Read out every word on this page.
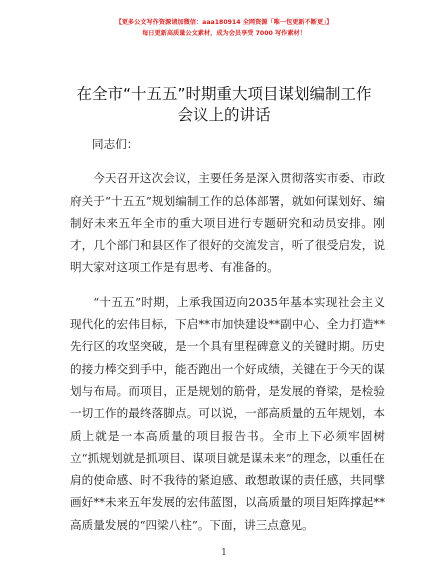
【更多公文写作资源请加微信：aaa180914 全网资源「唯一包更新不断更」】
每日更新高质量公文素材，成为会员享受 7000 写作素材！
在全市“十五五”时期重大项目谋划编制工作
会议上的讲话

同志们：

今天召开这次会议，主要任务是深入贯彻落实市委、市政府关于“十五五”规划编制工作的总体部署，就如何谋划好、编制好未来五年全市的重大项目进行专题研究和动员安排。刚才，几个部门和县区作了很好的交流发言，听了很受启发，说明大家对这项工作是有思考、有准备的。

“十五五”时期，上承我国迈向2035年基本实现社会主义现代化的宏伟目标，下启**市加快建设**副中心、全力打造**先行区的攻坚突破，是一个具有里程碑意义的关键时期。历史的接力棒交到手中，能否跑出一个好成绩，关键在于今天的谋划与布局。而项目，正是规划的筋骨，是发展的脊梁，是检验一切工作的最终落脚点。可以说，一部高质量的五年规划，本质上就是一本高质量的项目报告书。全市上下必须牢固树立“抓规划就是抓项目、谋项目就是谋未来”的理念，以重任在肩的使命感、时不我待的紧迫感、敢想敢谋的责任感，共同擘画好**未来五年发展的宏伟蓝图，以高质量的项目矩阵撑起**高质量发展的“四梁八柱”。下面，讲三点意见。

1
